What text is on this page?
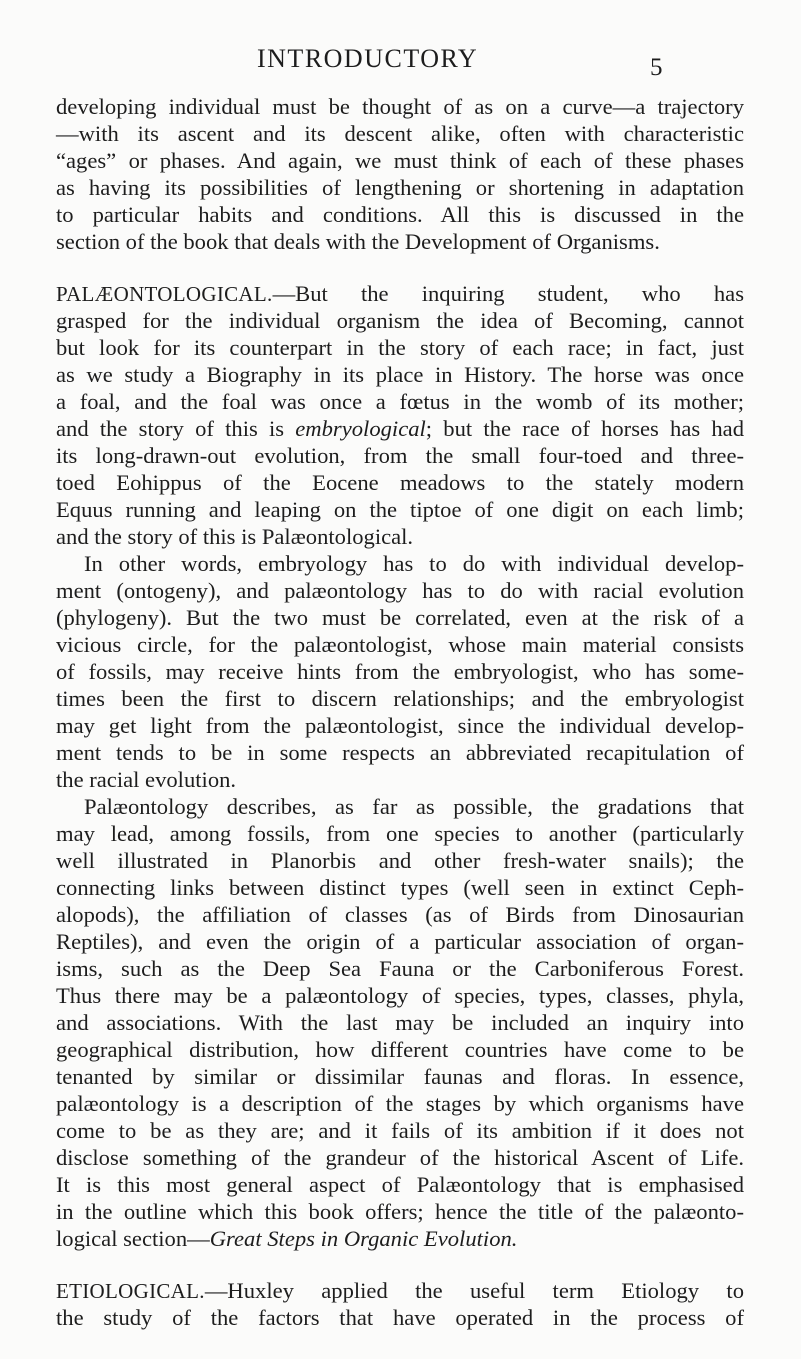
INTRODUCTORY	5
developing individual must be thought of as on a curve—a trajectory
—with its ascent and its descent alike, often with characteristic
“ages” or phases. And again, we must think of each of these phases
as having its possibilities of lengthening or shortening in adaptation
to particular habits and conditions. All this is discussed in the
section of the book that deals with the Development of Organisms.
PALÆONTOLOGICAL.—But the inquiring student, who has
grasped for the individual organism the idea of Becoming, cannot
but look for its counterpart in the story of each race; in fact, just
as we study a Biography in its place in History. The horse was once
a foal, and the foal was once a fœtus in the womb of its mother;
and the story of this is embryological; but the race of horses has had
its long-drawn-out evolution, from the small four-toed and three-
toed Eohippus of the Eocene meadows to the stately modern
Equus running and leaping on the tiptoe of one digit on each limb;
and the story of this is Palæontological.
In other words, embryology has to do with individual develop-
ment (ontogeny), and palæontology has to do with racial evolution
(phylogeny). But the two must be correlated, even at the risk of a
vicious circle, for the palæontologist, whose main material consists
of fossils, may receive hints from the embryologist, who has some-
times been the first to discern relationships; and the embryologist
may get light from the palæontologist, since the individual develop-
ment tends to be in some respects an abbreviated recapitulation of
the racial evolution.
Palæontology describes, as far as possible, the gradations that
may lead, among fossils, from one species to another (particularly
well illustrated in Planorbis and other fresh-water snails); the
connecting links between distinct types (well seen in extinct Ceph-
alopods), the affiliation of classes (as of Birds from Dinosaurian
Reptiles), and even the origin of a particular association of organ-
isms, such as the Deep Sea Fauna or the Carboniferous Forest.
Thus there may be a palæontology of species, types, classes, phyla,
and associations. With the last may be included an inquiry into
geographical distribution, how different countries have come to be
tenanted by similar or dissimilar faunas and floras. In essence,
palæontology is a description of the stages by which organisms have
come to be as they are; and it fails of its ambition if it does not
disclose something of the grandeur of the historical Ascent of Life.
It is this most general aspect of Palæontology that is emphasised
in the outline which this book offers; hence the title of the palæonto-
logical section—Great Steps in Organic Evolution.
ETIOLOGICAL.—Huxley applied the useful term Etiology to
the study of the factors that have operated in the process of
